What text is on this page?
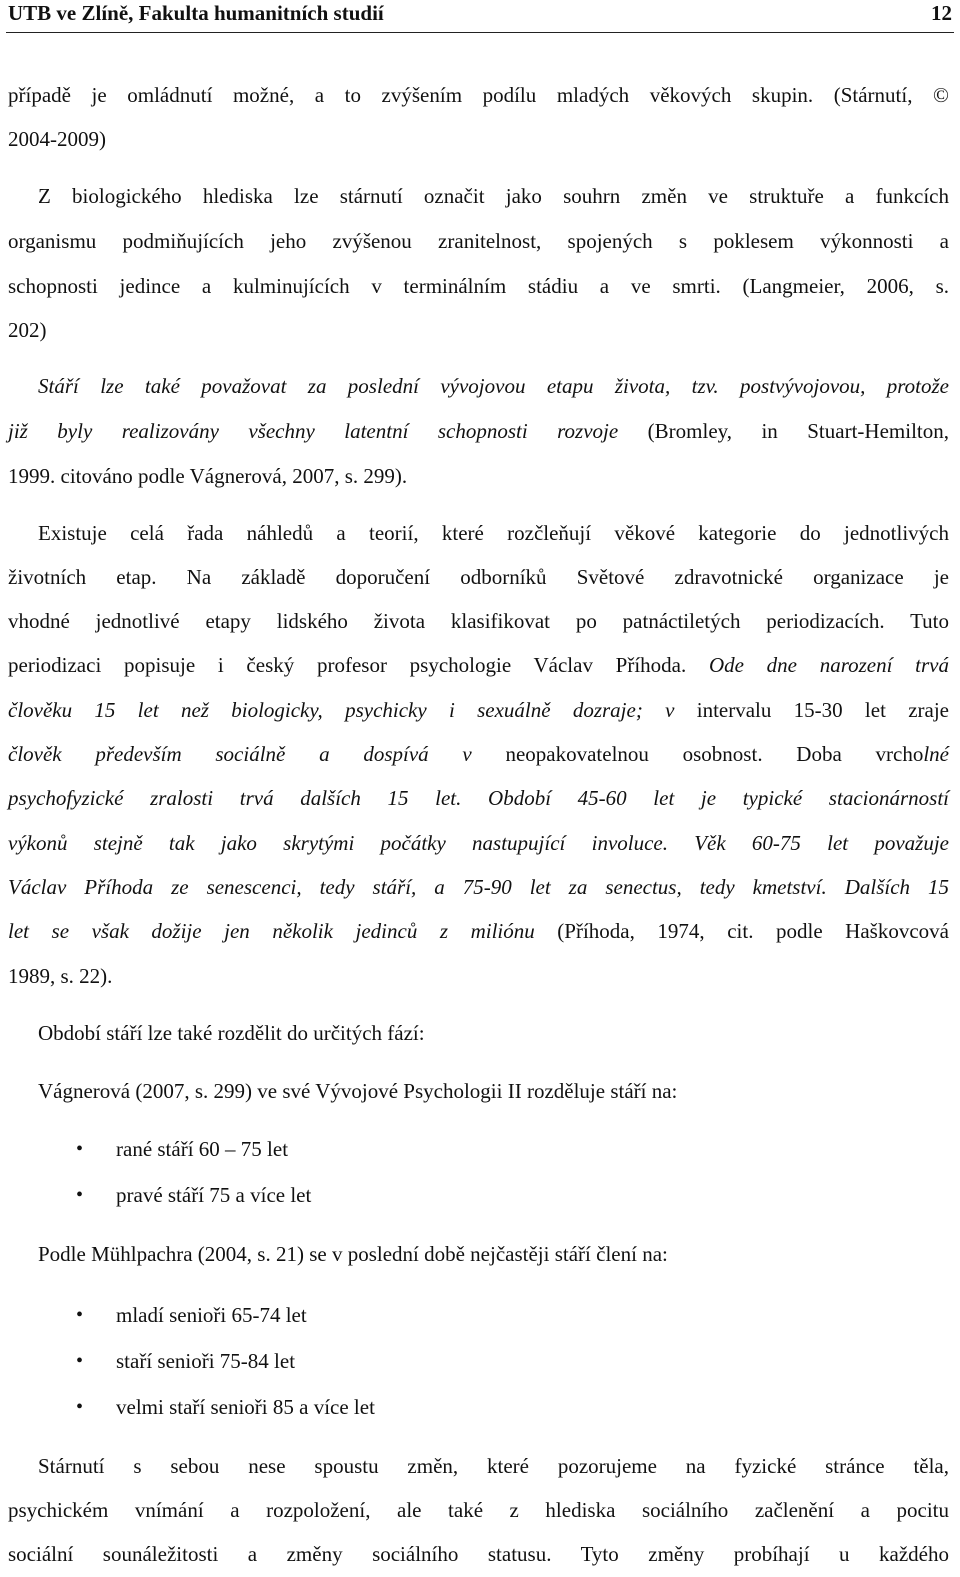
UTB ve Zlíně, Fakulta humanitních studií	12
případě je omládnutí možné, a to zvýšením podílu mladých věkových skupin. (Stárnutí, ©
2004-2009)
Z biologického hlediska lze stárnutí označit jako souhrn změn ve struktuře a funkcích
organismu podmiňujících jeho zvýšenou zranitelnost, spojených s poklesem výkonnosti a
schopnosti jedince a kulminujících v terminálním stádiu a ve smrti. (Langmeier, 2006, s.
202)
Stáří lze také považovat za poslední vývojovou etapu života, tzv. postvývojovou, protože
již byly realizovány všechny latentní schopnosti rozvoje (Bromley, in Stuart-Hemilton,
1999. citováno podle Vágnerová, 2007, s. 299).
Existuje celá řada náhledů a teorií, které rozčleňují věkové kategorie do jednotlivých
životních etap. Na základě doporučení odborníků Světové zdravotnické organizace je
vhodné jednotlivé etapy lidského života klasifikovat po patnáctiletých periodizacích. Tuto
periodizaci popisuje i český profesor psychologie Václav Příhoda. Ode dne narození trvá
člověku 15 let než biologicky, psychicky i sexuálně dozraje; v intervalu 15-30 let zraje
člověk především sociálně a dospívá v neopakovatelnou osobnost. Doba vrcholné
psychofyzické zralosti trvá dalších 15 let. Období 45-60 let je typické stacionárností
výkonů stejně tak jako skrytými počátky nastupující involuce. Věk 60-75 let považuje
Václav Příhoda ze senescenci, tedy stáří, a 75-90 let za senectus, tedy kmetství. Dalších 15
let se však dožije jen několik jedinců z miliónu (Příhoda, 1974, cit. podle Haškovcová
1989, s. 22).
Období stáří lze také rozdělit do určitých fází:
Vágnerová (2007, s. 299) ve své Vývojové Psychologii II rozděluje stáří na:
• rané stáří 60 – 75 let
• pravé stáří 75 a více let
Podle Mühlpachra (2004, s. 21) se v poslední době nejčastěji stáří člení na:
• mladí senioři 65-74 let
• staří senioři 75-84 let
• velmi staří senioři 85 a více let
Stárnutí s sebou nese spoustu změn, které pozorujeme na fyzické stránce těla,
psychickém vnímání a rozpoložení, ale také z hlediska sociálního začlenění a pocitu
sociální sounáležitosti a změny sociálního statusu. Tyto změny probíhají u každého
